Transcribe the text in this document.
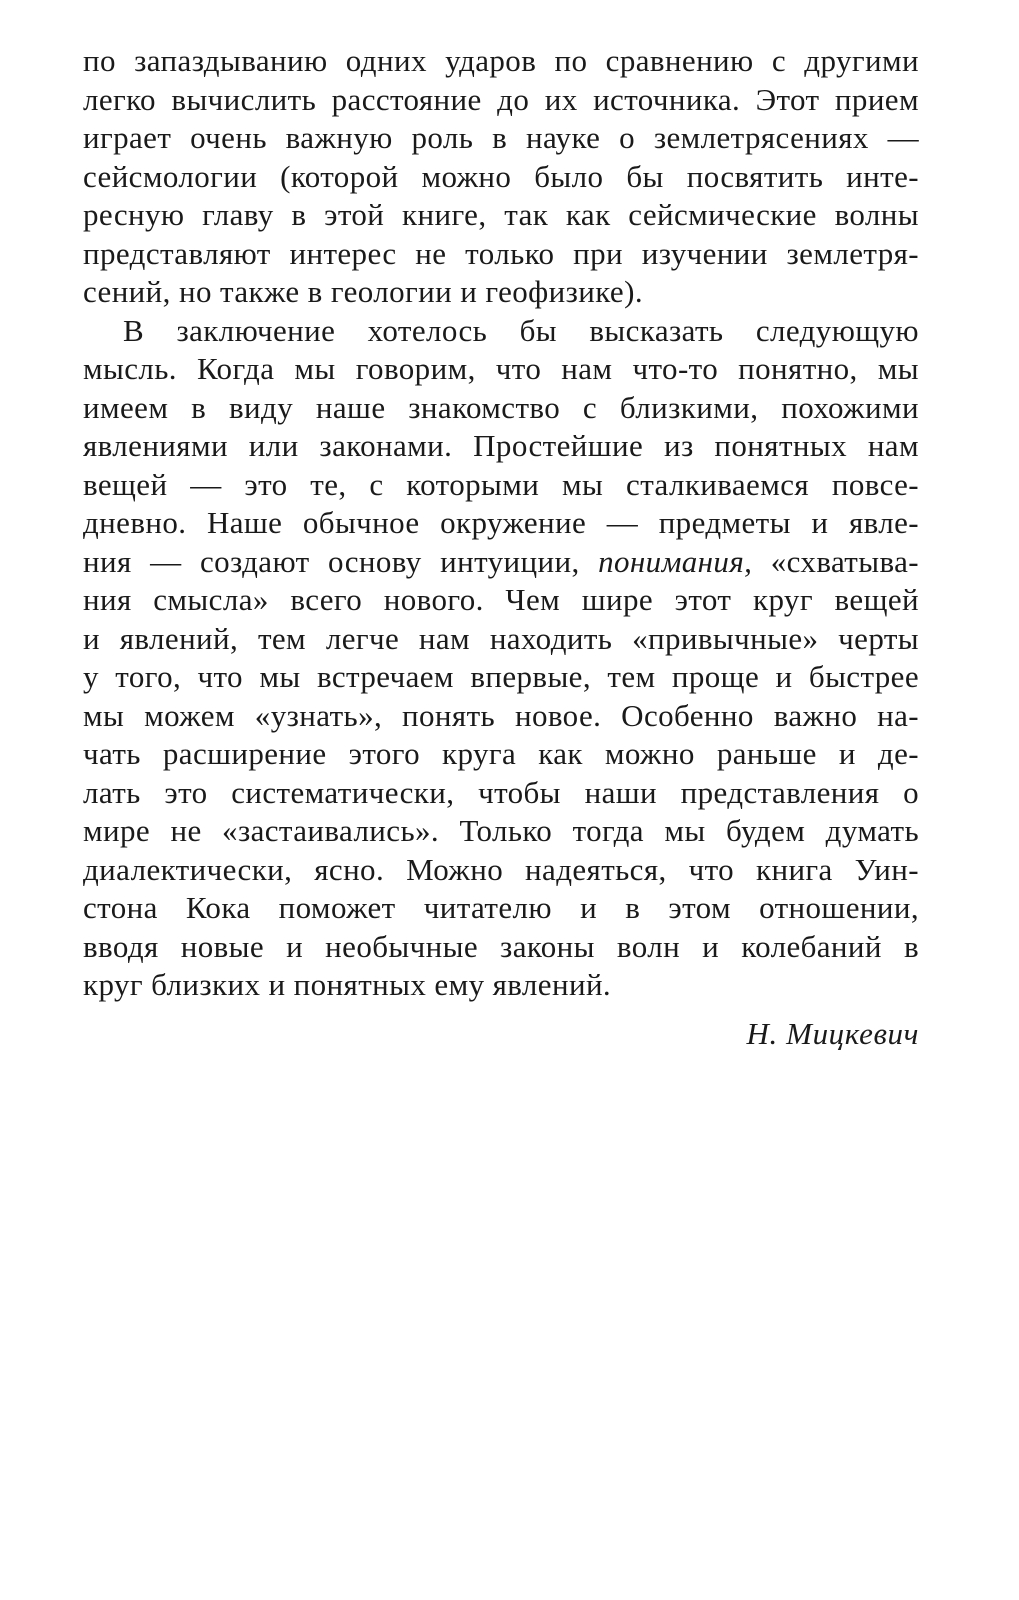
по запаздыванию одних ударов по сравнению с другими
легко вычислить расстояние до их источника. Этот прием
играет очень важную роль в науке о землетрясениях —
сейсмологии (которой можно было бы посвятить инте-
ресную главу в этой книге, так как сейсмические волны
представляют интерес не только при изучении землетря-
сений, но также в геологии и геофизике).
В заключение хотелось бы высказать следующую
мысль. Когда мы говорим, что нам что-то понятно, мы
имеем в виду наше знакомство с близкими, похожими
явлениями или законами. Простейшие из понятных нам
вещей — это те, с которыми мы сталкиваемся повсе-
дневно. Наше обычное окружение — предметы и явле-
ния — создают основу интуиции, понимания, «схватыва-
ния смысла» всего нового. Чем шире этот круг вещей
и явлений, тем легче нам находить «привычные» черты
у того, что мы встречаем впервые, тем проще и быстрее
мы можем «узнать», понять новое. Особенно важно на-
чать расширение этого круга как можно раньше и де-
лать это систематически, чтобы наши представления о
мире не «застаивались». Только тогда мы будем думать
диалектически, ясно. Можно надеяться, что книга Уин-
стона Кока поможет читателю и в этом отношении,
вводя новые и необычные законы волн и колебаний в
круг близких и понятных ему явлений.
Н. Мицкевич
